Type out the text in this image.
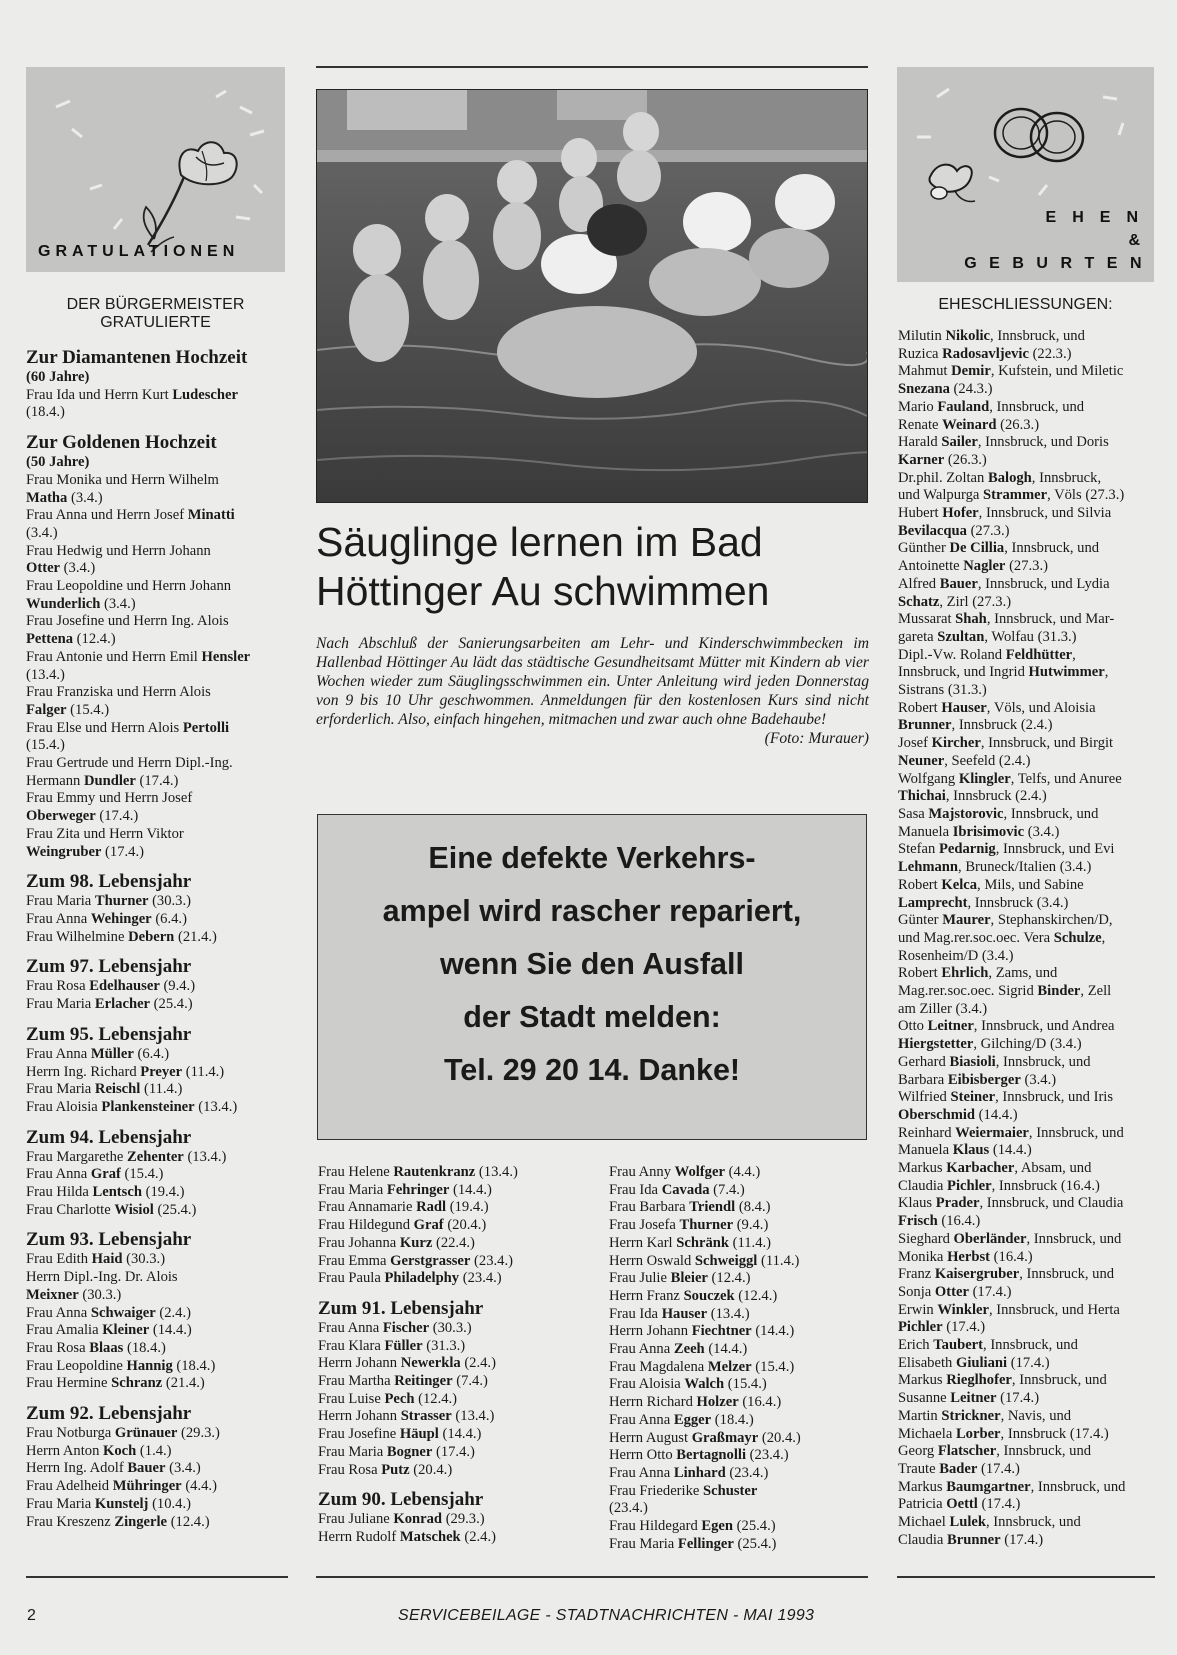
GRATULATIONEN
DER BÜRGERMEISTER
GRATULIERTE
Zur Diamantenen Hochzeit
(60 Jahre)
Frau Ida und Herrn Kurt Ludescher
(18.4.)
Zur Goldenen Hochzeit
(50 Jahre)
Frau Monika und Herrn Wilhelm
Matha (3.4.)
Frau Anna und Herrn Josef Minatti
(3.4.)
Frau Hedwig und Herrn Johann
Otter (3.4.)
Frau Leopoldine und Herrn Johann
Wunderlich (3.4.)
Frau Josefine und Herrn Ing. Alois
Pettena (12.4.)
Frau Antonie und Herrn Emil Hensler
(13.4.)
Frau Franziska und Herrn Alois
Falger (15.4.)
Frau Else und Herrn Alois Pertolli
(15.4.)
Frau Gertrude und Herrn Dipl.-Ing.
Hermann Dundler (17.4.)
Frau Emmy und Herrn Josef
Oberweger (17.4.)
Frau Zita und Herrn Viktor
Weingruber (17.4.)
Zum 98. Lebensjahr
Frau Maria Thurner (30.3.)
Frau Anna Wehinger (6.4.)
Frau Wilhelmine Debern (21.4.)
Zum 97. Lebensjahr
Frau Rosa Edelhauser (9.4.)
Frau Maria Erlacher (25.4.)
Zum 95. Lebensjahr
Frau Anna Müller (6.4.)
Herrn Ing. Richard Preyer (11.4.)
Frau Maria Reischl (11.4.)
Frau Aloisia Plankensteiner (13.4.)
Zum 94. Lebensjahr
Frau Margarethe Zehenter (13.4.)
Frau Anna Graf (15.4.)
Frau Hilda Lentsch (19.4.)
Frau Charlotte Wisiol (25.4.)
Zum 93. Lebensjahr
Frau Edith Haid (30.3.)
Herrn Dipl.-Ing. Dr. Alois
Meixner (30.3.)
Frau Anna Schwaiger (2.4.)
Frau Amalia Kleiner (14.4.)
Frau Rosa Blaas (18.4.)
Frau Leopoldine Hannig (18.4.)
Frau Hermine Schranz (21.4.)
Zum 92. Lebensjahr
Frau Notburga Grünauer (29.3.)
Herrn Anton Koch (1.4.)
Herrn Ing. Adolf Bauer (3.4.)
Frau Adelheid Mühringer (4.4.)
Frau Maria Kunstelj (10.4.)
Frau Kreszenz Zingerle (12.4.)
Säuglinge lernen im Bad
Höttinger Au schwimmen
Nach Abschluß der Sanierungsarbeiten am Lehr- und Kinderschwimmbecken im Hallenbad Höttinger Au lädt das städtische Gesundheitsamt Mütter mit Kindern ab vier Wochen wieder zum Säuglingsschwimmen ein. Unter Anleitung wird jeden Donnerstag von 9 bis 10 Uhr geschwommen. Anmeldungen für den kostenlosen Kurs sind nicht erforderlich. Also, einfach hingehen, mitmachen und zwar auch ohne Badehaube!
(Foto: Murauer)
Eine defekte Verkehrs-
ampel wird rascher repariert,
wenn Sie den Ausfall
der Stadt melden:
Tel. 29 20 14. Danke!
Frau Helene Rautenkranz (13.4.)
Frau Maria Fehringer (14.4.)
Frau Annamarie Radl (19.4.)
Frau Hildegund Graf (20.4.)
Frau Johanna Kurz (22.4.)
Frau Emma Gerstgrasser (23.4.)
Frau Paula Philadelphy (23.4.)
Zum 91. Lebensjahr
Frau Anna Fischer (30.3.)
Frau Klara Füller (31.3.)
Herrn Johann Newerkla (2.4.)
Frau Martha Reitinger (7.4.)
Frau Luise Pech (12.4.)
Herrn Johann Strasser (13.4.)
Frau Josefine Häupl (14.4.)
Frau Maria Bogner (17.4.)
Frau Rosa Putz (20.4.)
Zum 90. Lebensjahr
Frau Juliane Konrad (29.3.)
Herrn Rudolf Matschek (2.4.)
Frau Anny Wolfger (4.4.)
Frau Ida Cavada (7.4.)
Frau Barbara Triendl (8.4.)
Frau Josefa Thurner (9.4.)
Herrn Karl Schränk (11.4.)
Herrn Oswald Schweiggl (11.4.)
Frau Julie Bleier (12.4.)
Herrn Franz Souczek (12.4.)
Frau Ida Hauser (13.4.)
Herrn Johann Fiechtner (14.4.)
Frau Anna Zeeh (14.4.)
Frau Magdalena Melzer (15.4.)
Frau Aloisia Walch (15.4.)
Herrn Richard Holzer (16.4.)
Frau Anna Egger (18.4.)
Herrn August Graßmayr (20.4.)
Herrn Otto Bertagnolli (23.4.)
Frau Anna Linhard (23.4.)
Frau Friederike Schuster
(23.4.)
Frau Hildegard Egen (25.4.)
Frau Maria Fellinger (25.4.)
EHEN
&
GEBURTEN
EHESCHLIESSUNGEN:
Milutin Nikolic, Innsbruck, und
Ruzica Radosavljevic (22.3.)
Mahmut Demir, Kufstein, und Miletic
Snezana (24.3.)
Mario Fauland, Innsbruck, und
Renate Weinard (26.3.)
Harald Sailer, Innsbruck, und Doris
Karner (26.3.)
Dr.phil. Zoltan Balogh, Innsbruck,
und Walpurga Strammer, Völs (27.3.)
Hubert Hofer, Innsbruck, und Silvia
Bevilacqua (27.3.)
Günther De Cillia, Innsbruck, und
Antoinette Nagler (27.3.)
Alfred Bauer, Innsbruck, und Lydia
Schatz, Zirl (27.3.)
Mussarat Shah, Innsbruck, und Mar-
gareta Szultan, Wolfau (31.3.)
Dipl.-Vw. Roland Feldhütter,
Innsbruck, und Ingrid Hutwimmer,
Sistrans (31.3.)
Robert Hauser, Völs, und Aloisia
Brunner, Innsbruck (2.4.)
Josef Kircher, Innsbruck, und Birgit
Neuner, Seefeld (2.4.)
Wolfgang Klingler, Telfs, und Anuree
Thichai, Innsbruck (2.4.)
Sasa Majstorovic, Innsbruck, und
Manuela Ibrisimovic (3.4.)
Stefan Pedarnig, Innsbruck, und Evi
Lehmann, Bruneck/Italien (3.4.)
Robert Kelca, Mils, und Sabine
Lamprecht, Innsbruck (3.4.)
Günter Maurer, Stephanskirchen/D,
und Mag.rer.soc.oec. Vera Schulze,
Rosenheim/D (3.4.)
Robert Ehrlich, Zams, und
Mag.rer.soc.oec. Sigrid Binder, Zell
am Ziller (3.4.)
Otto Leitner, Innsbruck, und Andrea
Hiergstetter, Gilching/D (3.4.)
Gerhard Biasioli, Innsbruck, und
Barbara Eibisberger (3.4.)
Wilfried Steiner, Innsbruck, und Iris
Oberschmid (14.4.)
Reinhard Weiermaier, Innsbruck, und
Manuela Klaus (14.4.)
Markus Karbacher, Absam, und
Claudia Pichler, Innsbruck (16.4.)
Klaus Prader, Innsbruck, und Claudia
Frisch (16.4.)
Sieghard Oberländer, Innsbruck, und
Monika Herbst (16.4.)
Franz Kaisergruber, Innsbruck, und
Sonja Otter (17.4.)
Erwin Winkler, Innsbruck, und Herta
Pichler (17.4.)
Erich Taubert, Innsbruck, und
Elisabeth Giuliani (17.4.)
Markus Rieglhofer, Innsbruck, und
Susanne Leitner (17.4.)
Martin Strickner, Navis, und
Michaela Lorber, Innsbruck (17.4.)
Georg Flatscher, Innsbruck, und
Traute Bader (17.4.)
Markus Baumgartner, Innsbruck, und
Patricia Oettl (17.4.)
Michael Lulek, Innsbruck, und
Claudia Brunner (17.4.)
2	SERVICEBEILAGE - STADTNACHRICHTEN - MAI 1993
